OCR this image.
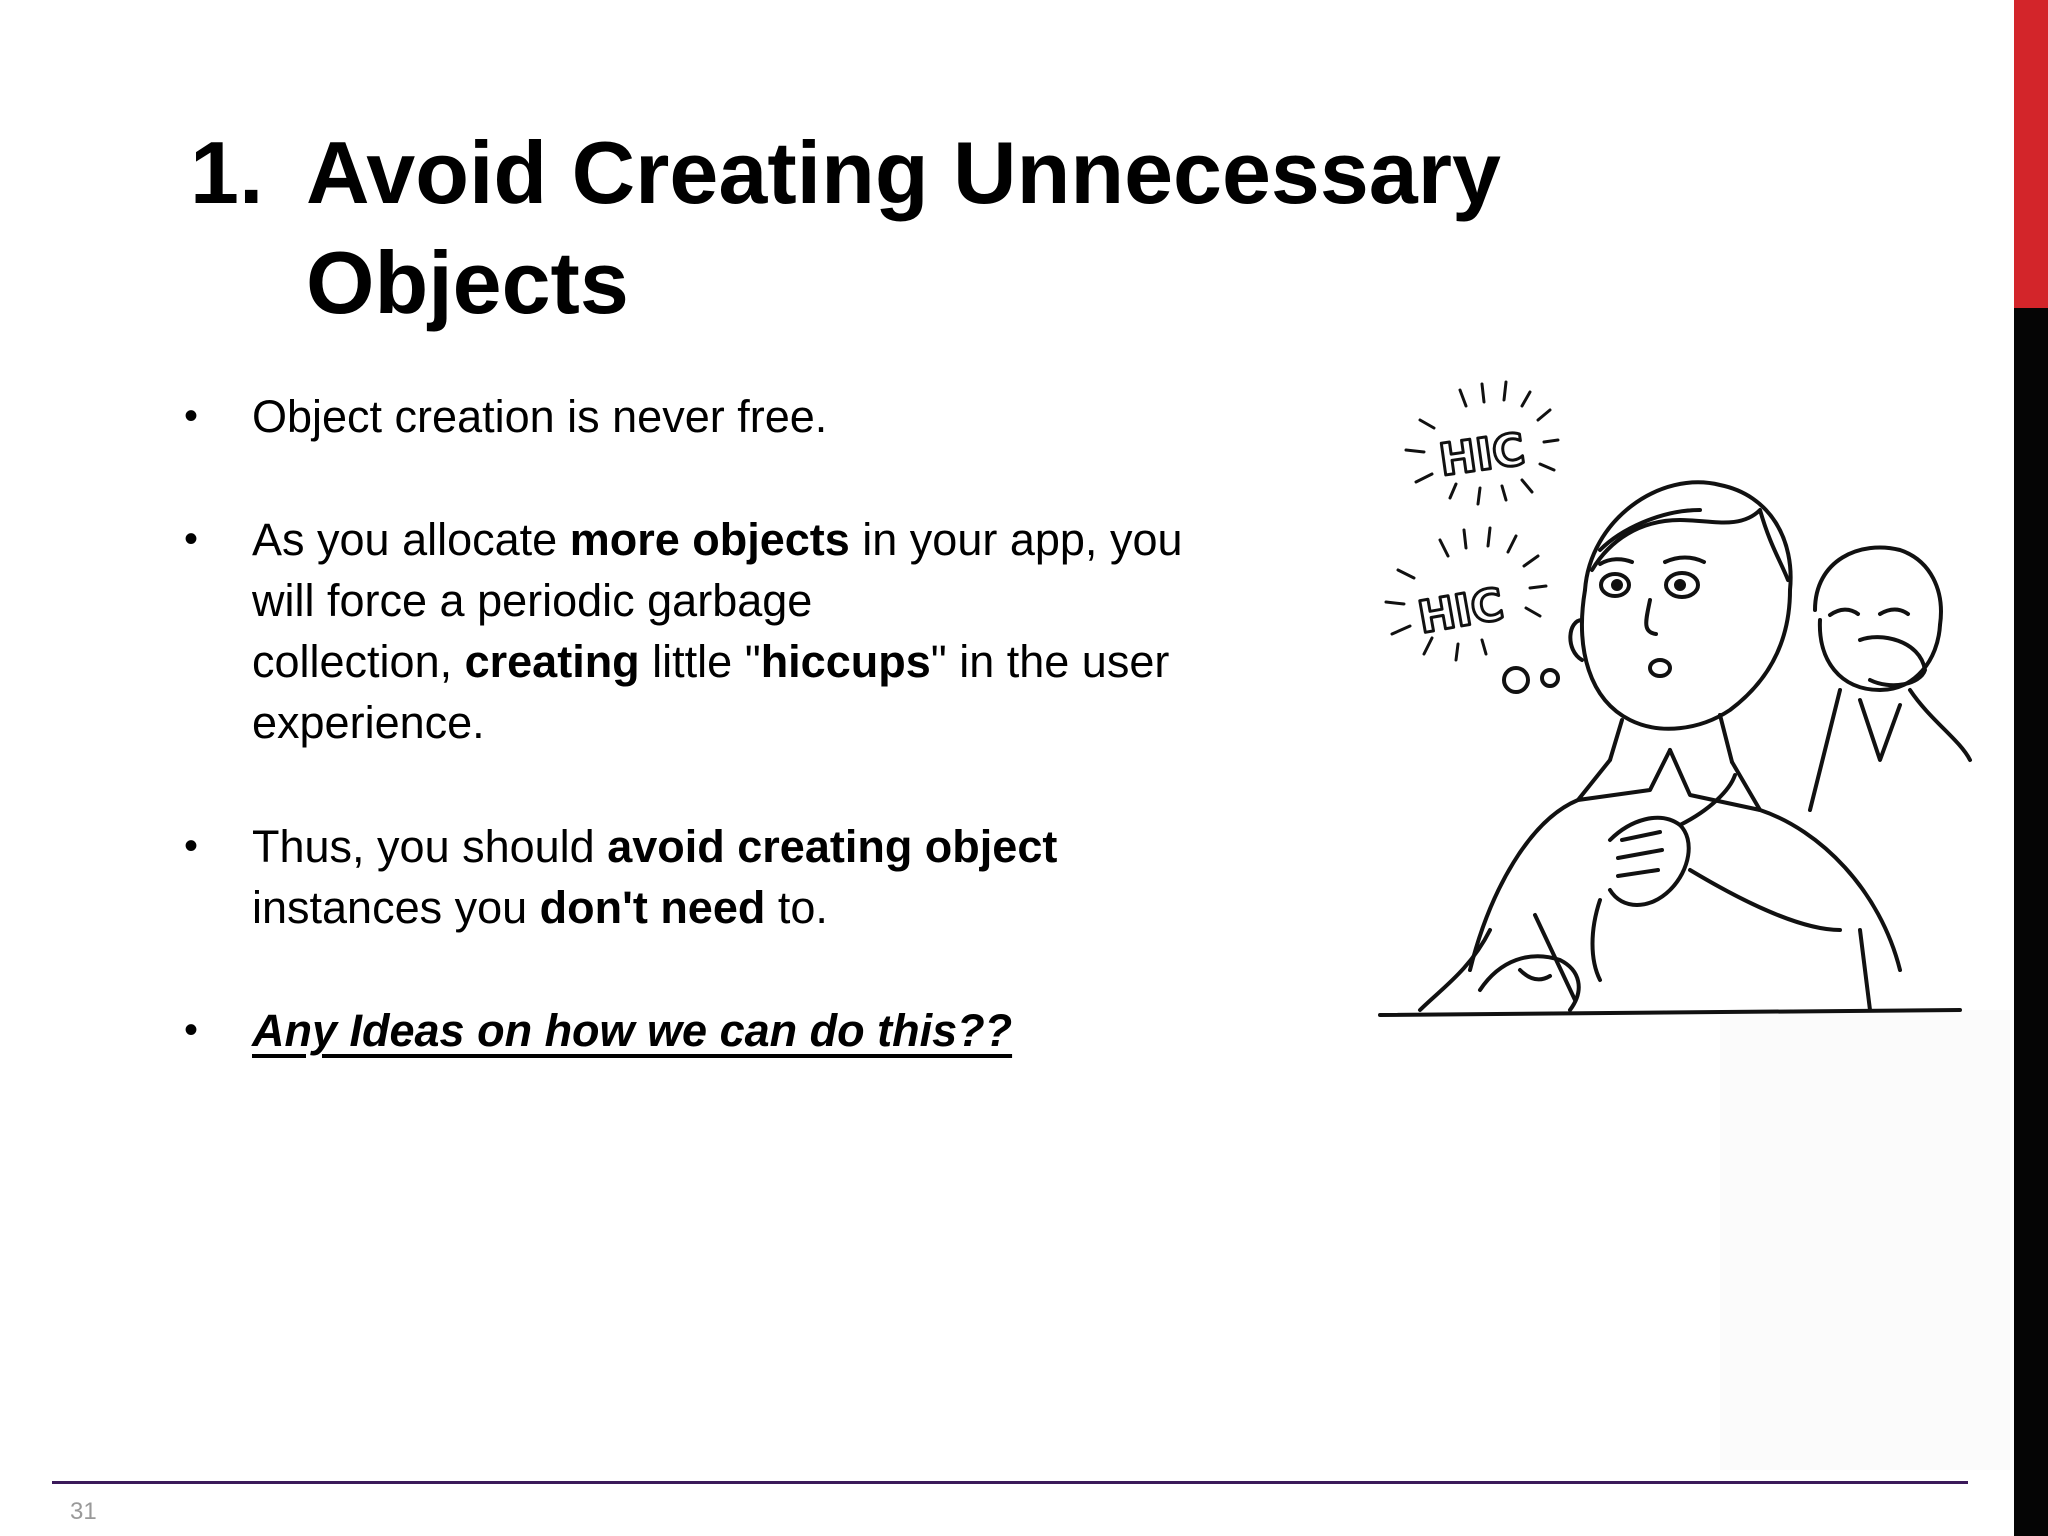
1. Avoid Creating Unnecessary
Objects
• Object creation is never free.
• As you allocate more objects in your app, you
will force a periodic garbage
collection, creating little "hiccups" in the user
experience.
• Thus, you should avoid creating object
instances you don't need to.
• Any Ideas on how we can do this??
HIC
HIC
31
